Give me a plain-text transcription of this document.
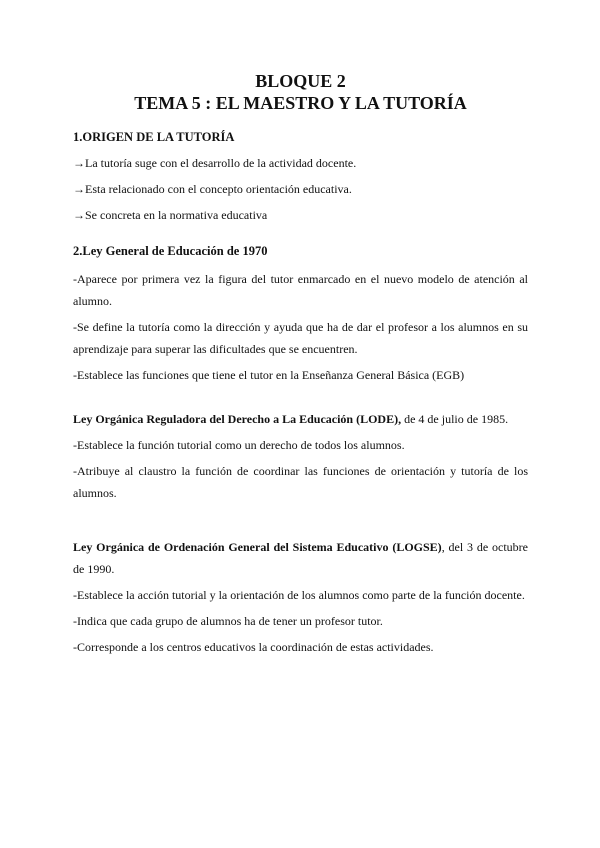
BLOQUE 2
TEMA 5 : EL MAESTRO Y LA TUTORÍA

1.ORIGEN DE LA TUTORÍA

→La tutoría suge con el desarrollo de la actividad docente.

→Esta relacionado con el concepto orientación educativa.

→Se concreta en la normativa educativa

2.Ley General de Educación de 1970

-Aparece por primera vez la figura del tutor enmarcado en el nuevo modelo de atención al alumno.

-Se define la tutoría como la dirección y ayuda que ha de dar el profesor a los alumnos en su aprendizaje para superar las dificultades que se encuentren.

-Establece las funciones que tiene el tutor en la Enseñanza General Básica (EGB)

Ley Orgánica Reguladora del Derecho a La Educación (LODE), de 4 de julio de 1985.

-Establece la función tutorial como un derecho de todos los alumnos.

-Atribuye al claustro la función de coordinar las funciones de orientación y tutoría de los alumnos.

Ley Orgánica de Ordenación General del Sistema Educativo (LOGSE), del 3 de octubre de 1990.

-Establece la acción tutorial y la orientación de los alumnos como parte de la función docente.

-Indica que cada grupo de alumnos ha de tener un profesor tutor.

-Corresponde a los centros educativos la coordinación de estas actividades.
